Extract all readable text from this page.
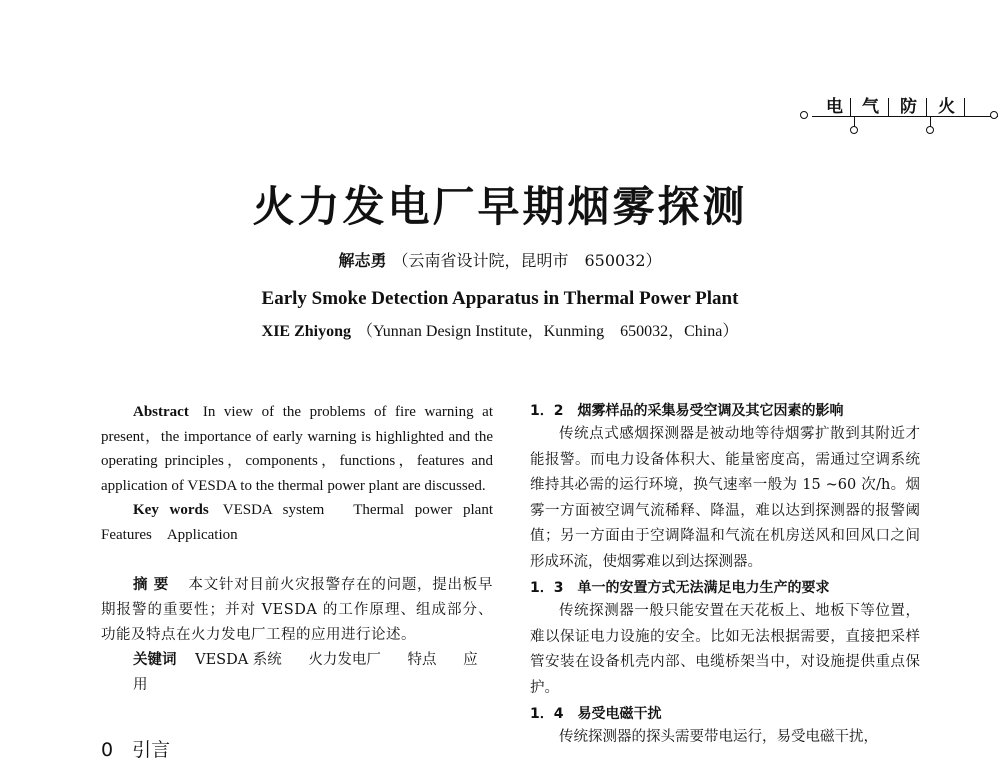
电 气 防 火
火力发电厂早期烟雾探测
解志勇 （云南省设计院，昆明市　650032）
Early Smoke Detection Apparatus in Thermal Power Plant
XIE Zhiyong （Yunnan Design Institute，Kunming　650032，China）
Abstract In view of the problems of fire warning at present，the importance of early warning is highlighted and the operating principles，components，functions，features and application of VESDA to the thermal power plant are discussed.
Key words VESDA system　Thermal power plant　Features　Application
摘要 本文针对目前火灾报警存在的问题，提出板早期报警的重要性；并对 VESDA 的工作原理、组成部分、功能及特点在火力发电厂工程的应用进行论述。
关键词 VESDA 系统 火力发电厂 特点 应用
0　引言
1．2　烟雾样品的采集易受空调及其它因素的影响

传统点式感烟探测器是被动地等待烟雾扩散到其附近才能报警。而电力设备体积大、能量密度高，需通过空调系统维持其必需的运行环境，换气速率一般为 15 ~60 次/h。烟雾一方面被空调气流稀释、降温，难以达到探测器的报警阈值；另一方面由于空调降温和气流在机房送风和回风口之间形成环流，使烟雾难以到达探测器。

1．3　单一的安置方式无法满足电力生产的要求

传统探测器一般只能安置在天花板上、地板下等位置，难以保证电力设施的安全。比如无法根据需要，直接把采样管安装在设备机壳内部、电缆桥架当中，对设施提供重点保护。

1．4　易受电磁干扰

传统探测器的探头需要带电运行，易受电磁干扰，
